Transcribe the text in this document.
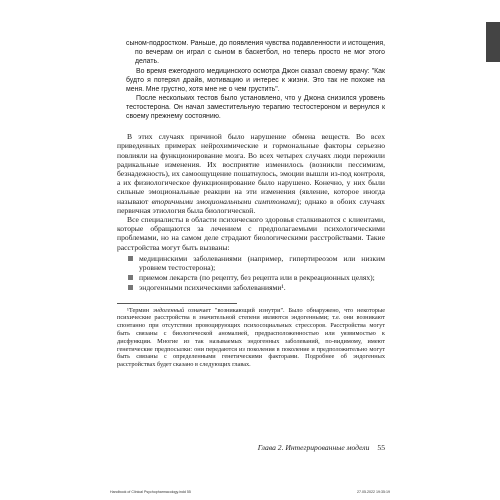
сыном-подростком. Раньше, до появления чувства подавленности и истощения, по вечерам он играл с сыном в баскетбол, но теперь просто не мог этого делать.

Во время ежегодного медицинского осмотра Джон сказал своему врачу: "Как будто я потерял драйв, мотивацию и интерес к жизни. Это так не похоже на меня. Мне грустно, хотя мне не о чем грустить".

После нескольких тестов было установлено, что у Джона снизился уровень тестостерона. Он начал заместительную терапию тестостероном и вернулся к своему прежнему состоянию.

В этих случаях причиной было нарушение обмена веществ. Во всех приведенных примерах нейрохимические и гормональные факторы серьезно повлияли на функционирование мозга. Во всех четырех случаях люди пережили радикальные изменения. Их восприятие изменилось (возникли пессимизм, безнадежность), их самоощущение пошатнулось, эмоции вышли из-под контроля, а их физиологическое функционирование было нарушено. Конечно, у них были сильные эмоциональные реакции на эти изменения (явление, которое иногда называют вторичными эмоциональными симптомами); однако в обоих случаях первичная этиология была биологической.

Все специалисты в области психического здоровья сталкиваются с клиентами, которые обращаются за лечением с предполагаемыми психологическими проблемами, но на самом деле страдают биологическими расстройствами. Такие расстройства могут быть вызваны:

медицинскими заболеваниями (например, гипертиреозом или низким уровнем тестостерона);
приемом лекарств (по рецепту, без рецепта или в рекреационных целях);
эндогенными психическими заболеваниями¹.

¹Термин эндогенный означает "возникающий изнутри". Было обнаружено, что некоторые психические расстройства в значительной степени являются эндогенными; т.е. они возникают спонтанно при отсутствии провоцирующих психосоциальных стрессоров. Расстройства могут быть связаны с биологической аномалией, предрасположенностью или уязвимостью к дисфункции. Многие из так называемых эндогенных заболеваний, по-видимому, имеют генетические предпосылки: они передаются из поколения в поколение и предположительно могут быть связаны с определенными генетическими факторами. Подробнее об эндогенных расстройствах будет сказано в следующих главах.

Глава 2. Интегрированные модели 55
Handbook of Clinical Psychopharmacology.indd 55	27.05.2022 19:35:19
